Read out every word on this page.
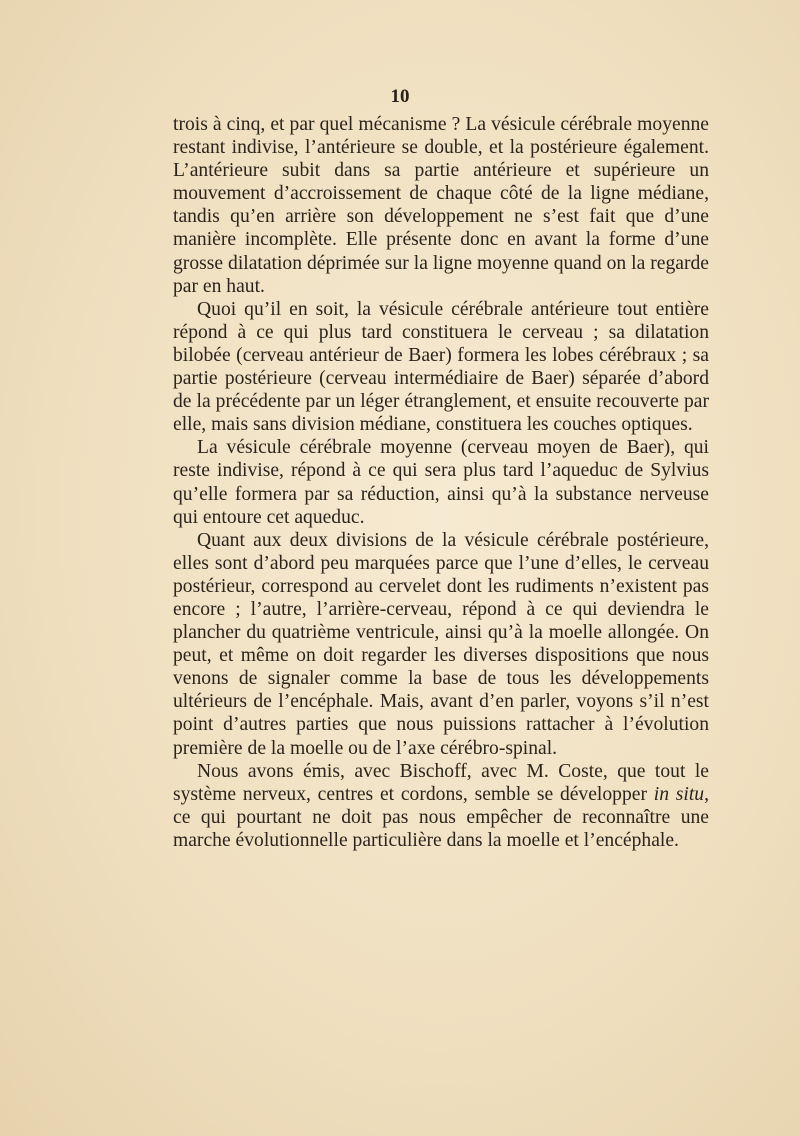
10

trois à cinq, et par quel mécanisme ? La vésicule cérébrale moyenne restant indivise, l’antérieure se double, et la postérieure également. L’antérieure subit dans sa partie antérieure et supérieure un mouvement d’accroissement de chaque côté de la ligne médiane, tandis qu’en arrière son développement ne s’est fait que d’une manière incomplète. Elle présente donc en avant la forme d’une grosse dilatation déprimée sur la ligne moyenne quand on la regarde par en haut.

Quoi qu’il en soit, la vésicule cérébrale antérieure tout entière répond à ce qui plus tard constituera le cerveau ; sa dilatation bilobée (cerveau antérieur de Baer) formera les lobes cérébraux ; sa partie postérieure (cerveau intermédiaire de Baer) séparée d’abord de la précédente par un léger étranglement, et ensuite recouverte par elle, mais sans division médiane, constituera les couches optiques.

La vésicule cérébrale moyenne (cerveau moyen de Baer), qui reste indivise, répond à ce qui sera plus tard l’aqueduc de Sylvius qu’elle formera par sa réduction, ainsi qu’à la substance nerveuse qui entoure cet aqueduc.

Quant aux deux divisions de la vésicule cérébrale postérieure, elles sont d’abord peu marquées parce que l’une d’elles, le cerveau postérieur, correspond au cervelet dont les rudiments n’existent pas encore ; l’autre, l’arrière-cerveau, répond à ce qui deviendra le plancher du quatrième ventricule, ainsi qu’à la moelle allongée. On peut, et même on doit regarder les diverses dispositions que nous venons de signaler comme la base de tous les développements ultérieurs de l’encéphale. Mais, avant d’en parler, voyons s’il n’est point d’autres parties que nous puissions rattacher à l’évolution première de la moelle ou de l’axe cérébro-spinal.

Nous avons émis, avec Bischoff, avec M. Coste, que tout le système nerveux, centres et cordons, semble se développer in situ, ce qui pourtant ne doit pas nous empêcher de reconnaître une marche évolutionnelle particulière dans la moelle et l’encéphale.
